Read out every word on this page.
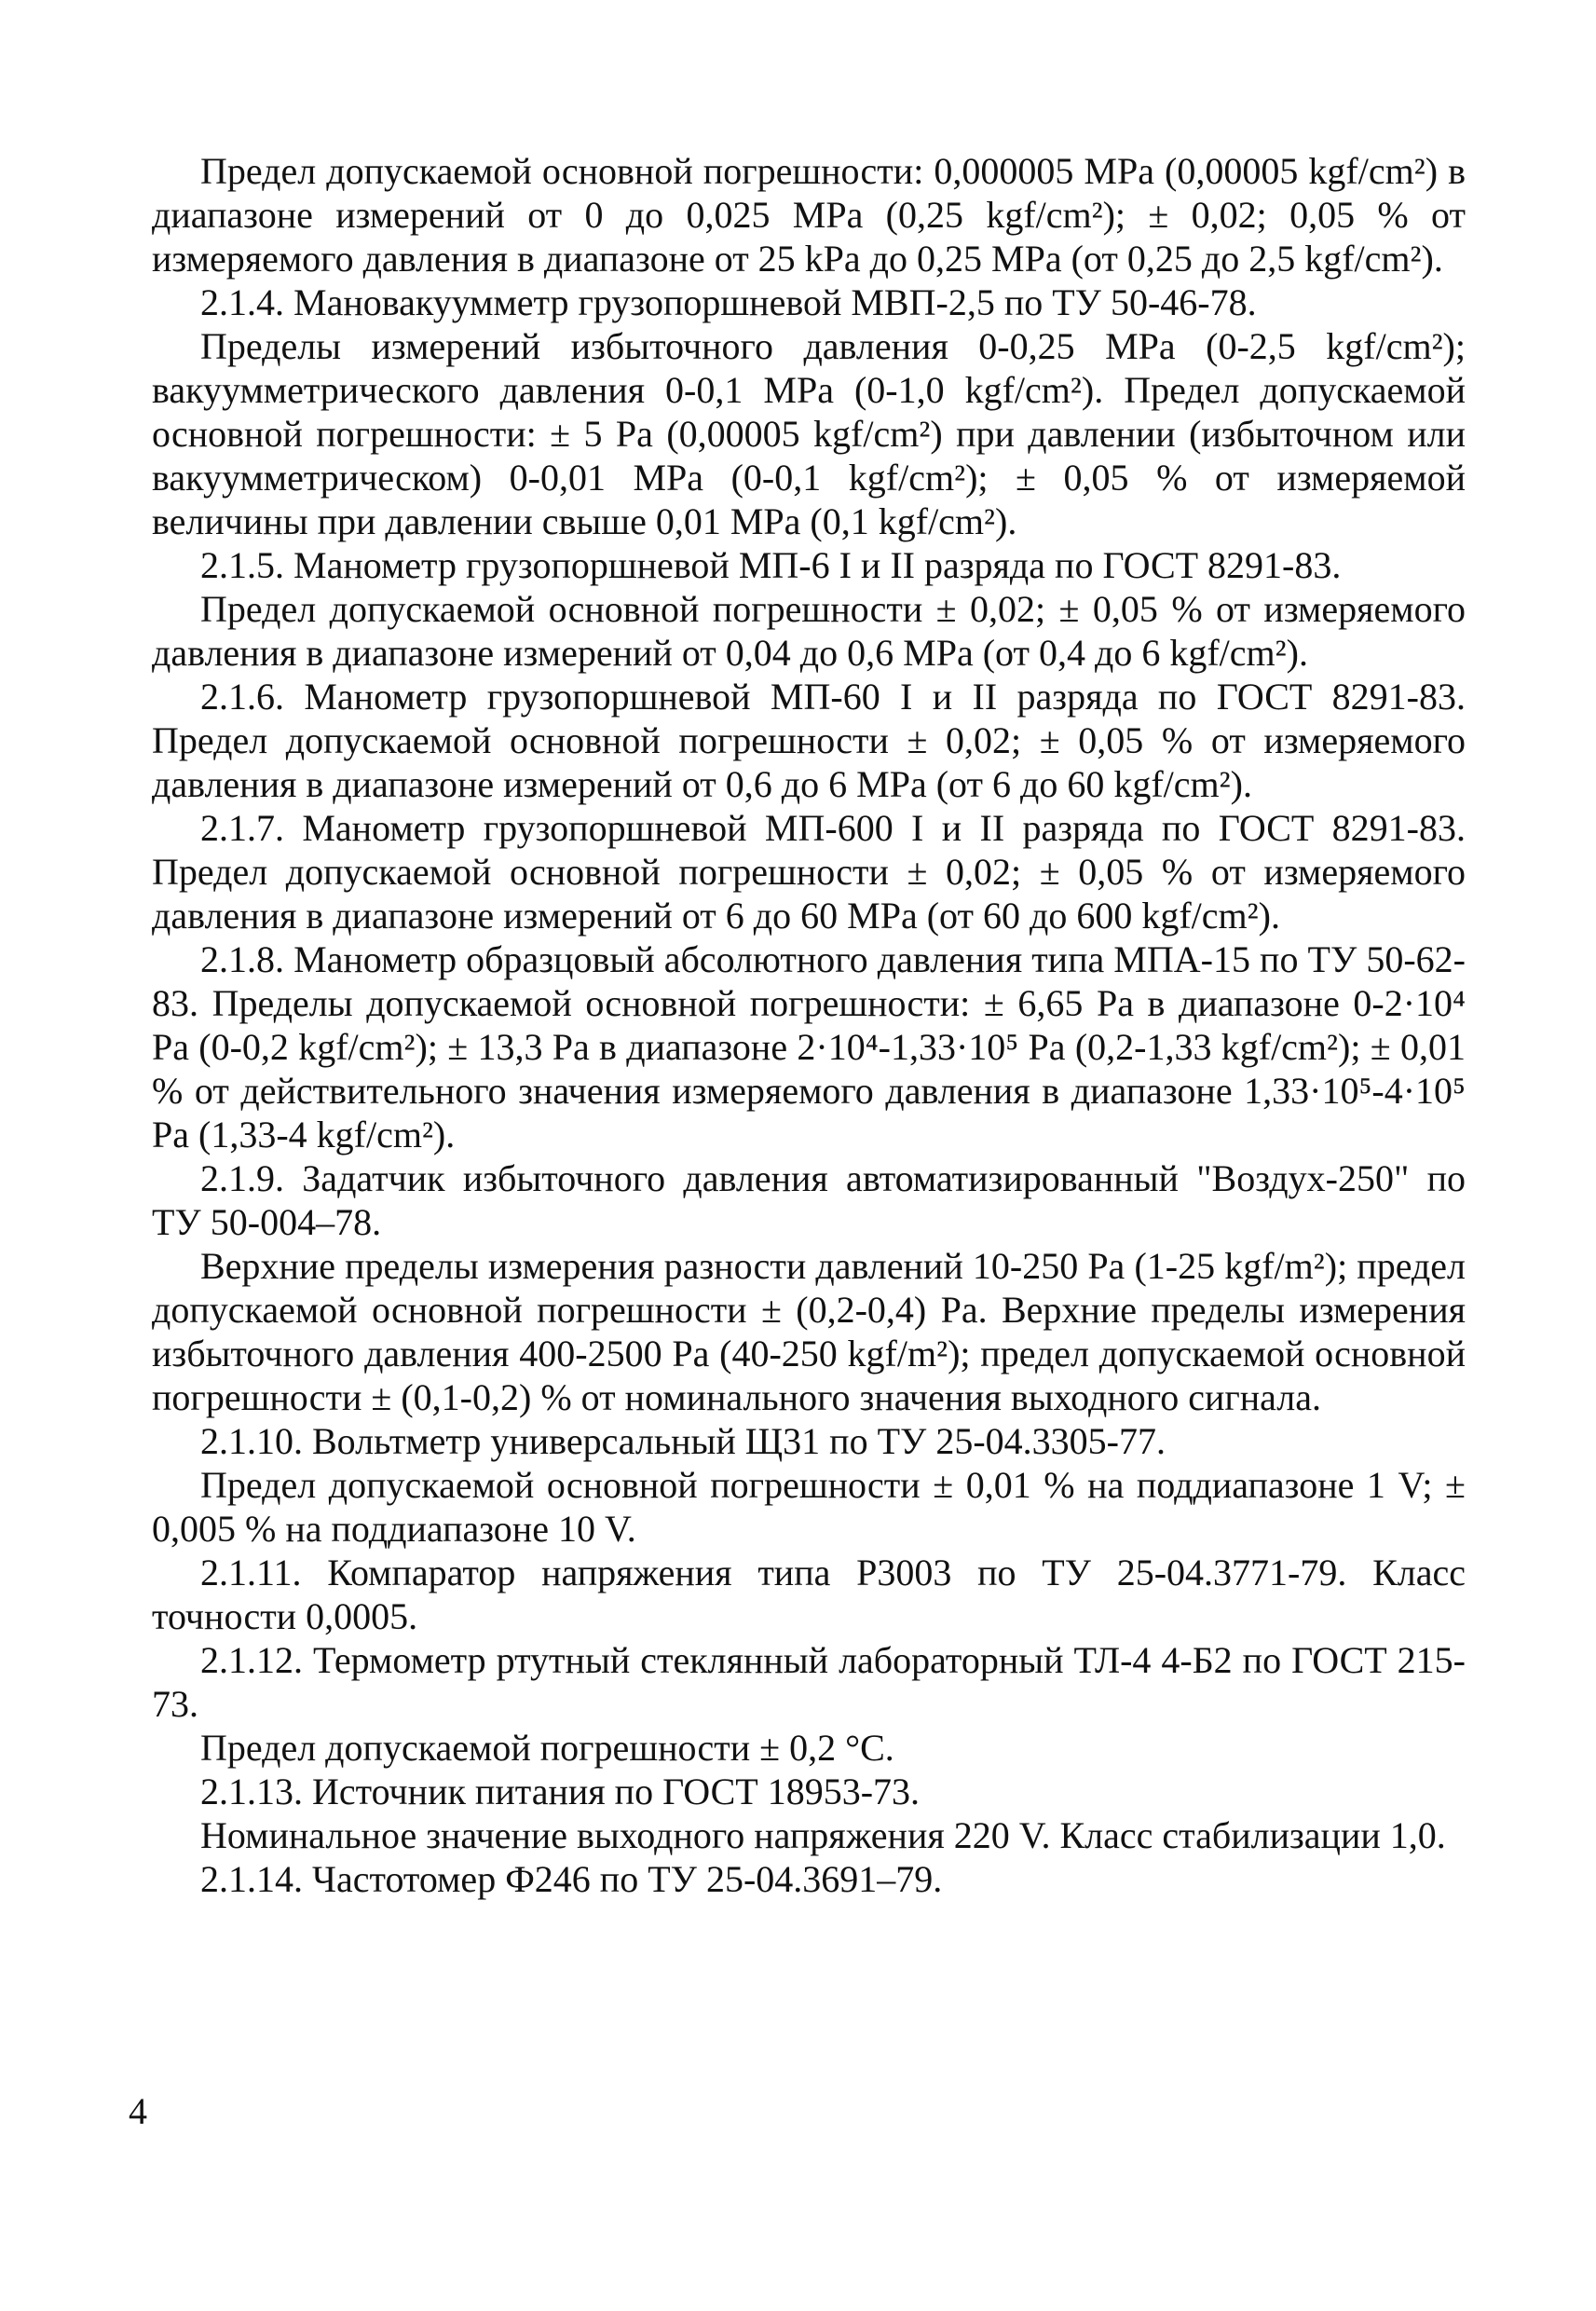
Предел допускаемой основной погрешности: 0,000005 MPa (0,00005 kgf/cm²) в диапазоне измерений от 0 до 0,025 MPa (0,25 kgf/cm²); ± 0,02; 0,05 % от измеряемого давления в диапазоне от 25 kPa до 0,25 MPa (от 0,25 до 2,5 kgf/cm²).

2.1.4. Мановакуумметр грузопоршневой МВП-2,5 по ТУ 50-46-78.

Пределы измерений избыточного давления 0-0,25 MPa (0-2,5 kgf/cm²); вакуумметрического давления 0-0,1 MPa (0-1,0 kgf/cm²). Предел допускаемой основной погрешности: ± 5 Pa (0,00005 kgf/cm²) при давлении (избыточном или вакуумметрическом) 0-0,01 MPa (0-0,1 kgf/cm²); ± 0,05 % от измеряемой величины при давлении свыше 0,01 MPa (0,1 kgf/cm²).

2.1.5. Манометр грузопоршневой МП-6 I и II разряда по ГОСТ 8291-83.

Предел допускаемой основной погрешности ± 0,02; ± 0,05 % от измеряемого давления в диапазоне измерений от 0,04 до 0,6 MPa (от 0,4 до 6 kgf/cm²).

2.1.6. Манометр грузопоршневой МП-60 I и II разряда по ГОСТ 8291-83. Предел допускаемой основной погрешности ± 0,02; ± 0,05 % от измеряемого давления в диапазоне измерений от 0,6 до 6 MPa (от 6 до 60 kgf/cm²).

2.1.7. Манометр грузопоршневой МП-600 I и II разряда по ГОСТ 8291-83. Предел допускаемой основной погрешности ± 0,02; ± 0,05 % от измеряемого давления в диапазоне измерений от 6 до 60 MPa (от 60 до 600 kgf/cm²).

2.1.8. Манометр образцовый абсолютного давления типа МПА-15 по ТУ 50-62-83. Пределы допускаемой основной погрешности: ± 6,65 Pa в диапазоне 0-2·10⁴ Pa (0-0,2 kgf/cm²); ± 13,3 Pa в диапазоне 2·10⁴-1,33·10⁵ Pa (0,2-1,33 kgf/cm²); ± 0,01 % от действительного значения измеряемого давления в диапазоне 1,33·10⁵-4·10⁵ Pa (1,33-4 kgf/cm²).

2.1.9. Задатчик избыточного давления автоматизированный "Воздух-250" по ТУ 50-004–78.

Верхние пределы измерения разности давлений 10-250 Pa (1-25 kgf/m²); предел допускаемой основной погрешности ± (0,2-0,4) Pa. Верхние пределы измерения избыточного давления 400-2500 Pa (40-250 kgf/m²); предел допускаемой основной погрешности ± (0,1-0,2) % от номинального значения выходного сигнала.

2.1.10. Вольтметр универсальный Щ31 по ТУ 25-04.3305-77.

Предел допускаемой основной погрешности ± 0,01 % на поддиапазоне 1 V; ± 0,005 % на поддиапазоне 10 V.

2.1.11. Компаратор напряжения типа Р3003 по ТУ 25-04.3771-79. Класс точности 0,0005.

2.1.12. Термометр ртутный стеклянный лабораторный ТЛ-4 4-Б2 по ГОСТ 215-73.

Предел допускаемой погрешности ± 0,2 °С.

2.1.13. Источник питания по ГОСТ 18953-73.

Номинальное значение выходного напряжения 220 V. Класс стабилизации 1,0.

2.1.14. Частотомер Ф246 по ТУ 25-04.3691–79.

4
